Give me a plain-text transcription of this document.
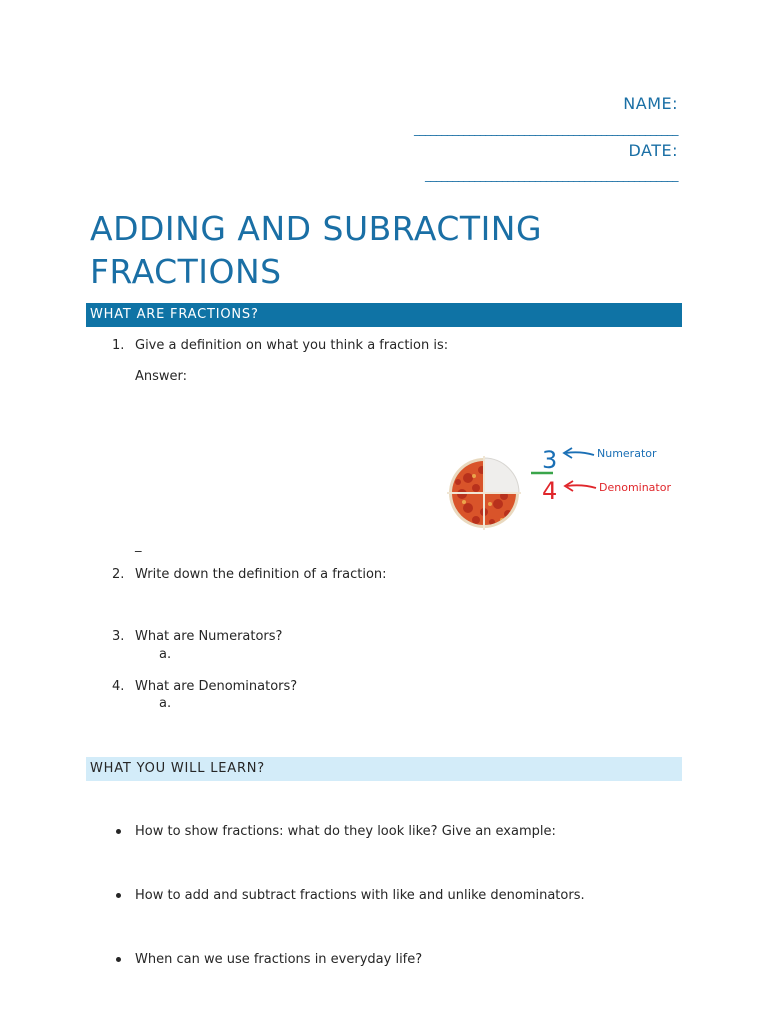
NAME:
________________________________________________
DATE:
______________________________________________
ADDING AND SUBRACTING FRACTIONS
WHAT ARE FRACTIONS?
1. Give a definition on what you think a fraction is:
Answer:
_
3
4
Numerator
Denominator
2. Write down the definition of a fraction:
3. What are Numerators?
a.
4. What are Denominators?
a.
WHAT YOU WILL LEARN?
How to show fractions: what do they look like? Give an example:
How to add and subtract fractions with like and unlike denominators.
When can we use fractions in everyday life?
